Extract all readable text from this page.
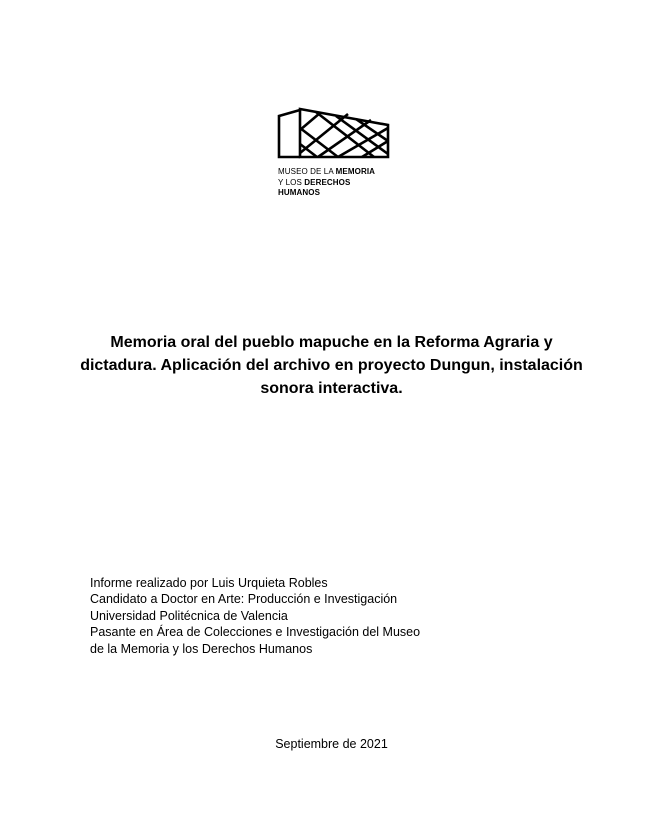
MUSEO DE LA MEMORIA
Y LOS DERECHOS
HUMANOS
Memoria oral del pueblo mapuche en la Reforma Agraria y
dictadura. Aplicación del archivo en proyecto Dungun, instalación
sonora interactiva.
Informe realizado por Luis Urquieta Robles
Candidato a Doctor en Arte: Producción e Investigación
Universidad Politécnica de Valencia
Pasante en Área de Colecciones e Investigación del Museo
de la Memoria y los Derechos Humanos
Septiembre de 2021
